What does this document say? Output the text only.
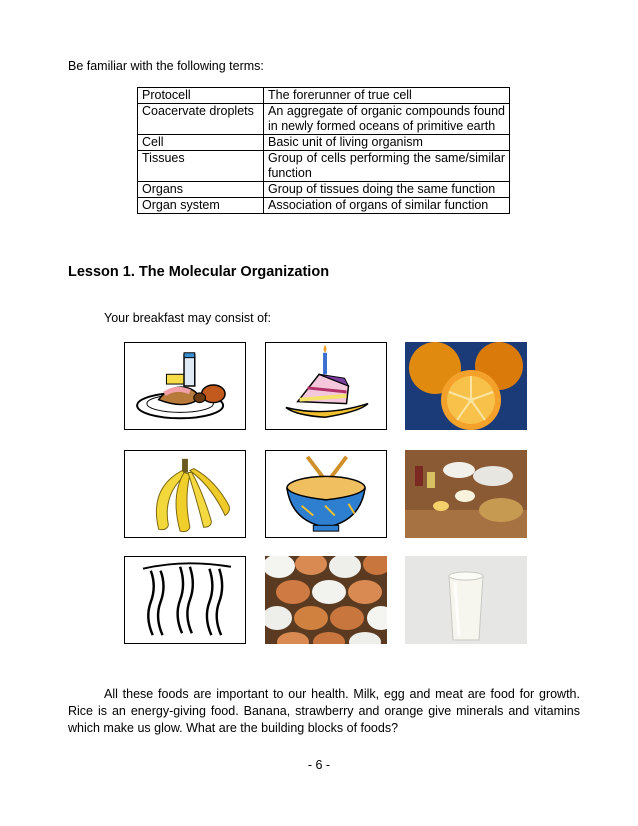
Be familiar with the following terms:
Protocell	The forerunner of true cell
Coacervate droplets	An aggregate of organic compounds found in newly formed oceans of primitive earth
Cell	Basic unit of living organism
Tissues	Group of cells performing the same/similar function
Organs	Group of tissues doing the same function
Organ system	Association of organs of similar function
Lesson 1. The Molecular Organization
Your breakfast may consist of:

All these foods are important to our health. Milk, egg and meat are food for growth. Rice is an energy-giving food. Banana, strawberry and orange give minerals and vitamins which make us glow. What are the building blocks of foods?

- 6 -
